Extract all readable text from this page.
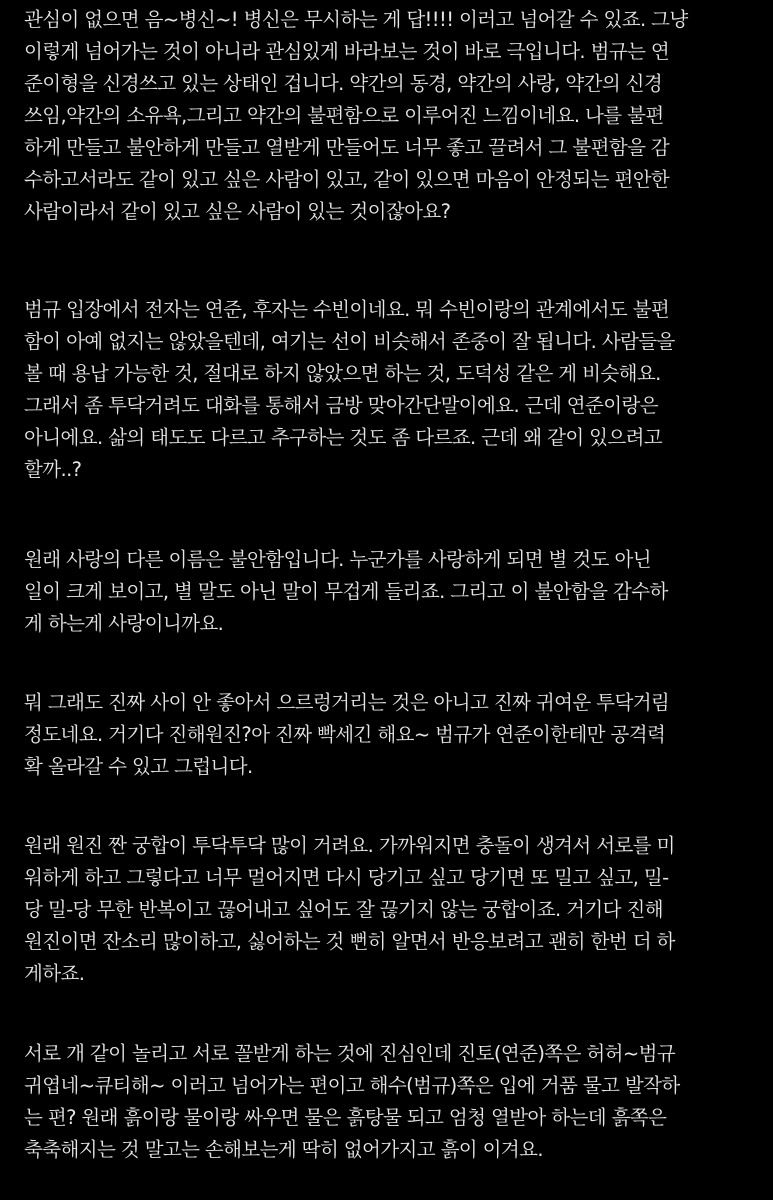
관심이 없으면 음~병신~! 병신은 무시하는 게 답!!!! 이러고 넘어갈 수 있죠. 그냥
이렇게 넘어가는 것이 아니라 관심있게 바라보는 것이 바로 극입니다. 범규는 연
준이형을 신경쓰고 있는 상태인 겁니다. 약간의 동경, 약간의 사랑, 약간의 신경
쓰임,약간의 소유욕,그리고 약간의 불편함으로 이루어진 느낌이네요. 나를 불편
하게 만들고 불안하게 만들고 열받게 만들어도 너무 좋고 끌려서 그 불편함을 감
수하고서라도 같이 있고 싶은 사람이 있고, 같이 있으면 마음이 안정되는 편안한
사람이라서 같이 있고 싶은 사람이 있는 것이잖아요?
범규 입장에서 전자는 연준, 후자는 수빈이네요. 뭐 수빈이랑의 관계에서도 불편
함이 아예 없지는 않았을텐데, 여기는 선이 비슷해서 존중이 잘 됩니다. 사람들을
볼 때 용납 가능한 것, 절대로 하지 않았으면 하는 것, 도덕성 같은 게 비슷해요.
그래서 좀 투닥거려도 대화를 통해서 금방 맞아간단말이에요. 근데 연준이랑은
아니에요. 삶의 태도도 다르고 추구하는 것도 좀 다르죠. 근데 왜 같이 있으려고
할까..?
원래 사랑의 다른 이름은 불안함입니다. 누군가를 사랑하게 되면 별 것도 아닌
일이 크게 보이고, 별 말도 아닌 말이 무겁게 들리죠. 그리고 이 불안함을 감수하
게 하는게 사랑이니까요.
뭐 그래도 진짜 사이 안 좋아서 으르렁거리는 것은 아니고 진짜 귀여운 투닥거림
정도네요. 거기다 진해원진?아 진짜 빡세긴 해요~ 범규가 연준이한테만 공격력
확 올라갈 수 있고 그럽니다.
원래 원진 짠 궁합이 투닥투닥 많이 거려요. 가까워지면 충돌이 생겨서 서로를 미
워하게 하고 그렇다고 너무 멀어지면 다시 당기고 싶고 당기면 또 밀고 싶고, 밀-
당 밀-당 무한 반복이고 끊어내고 싶어도 잘 끊기지 않는 궁합이죠. 거기다 진해
원진이면 잔소리 많이하고, 싫어하는 것 뻔히 알면서 반응보려고 괜히 한번 더 하
게하죠.
서로 개 같이 놀리고 서로 꼴받게 하는 것에 진심인데 진토(연준)쪽은 허허~범규
귀엽네~큐티해~ 이러고 넘어가는 편이고 해수(범규)쪽은 입에 거품 물고 발작하
는 편? 원래 흙이랑 물이랑 싸우면 물은 흙탕물 되고 엄청 열받아 하는데 흙쪽은
축축해지는 것 말고는 손해보는게 딱히 없어가지고 흙이 이겨요.
